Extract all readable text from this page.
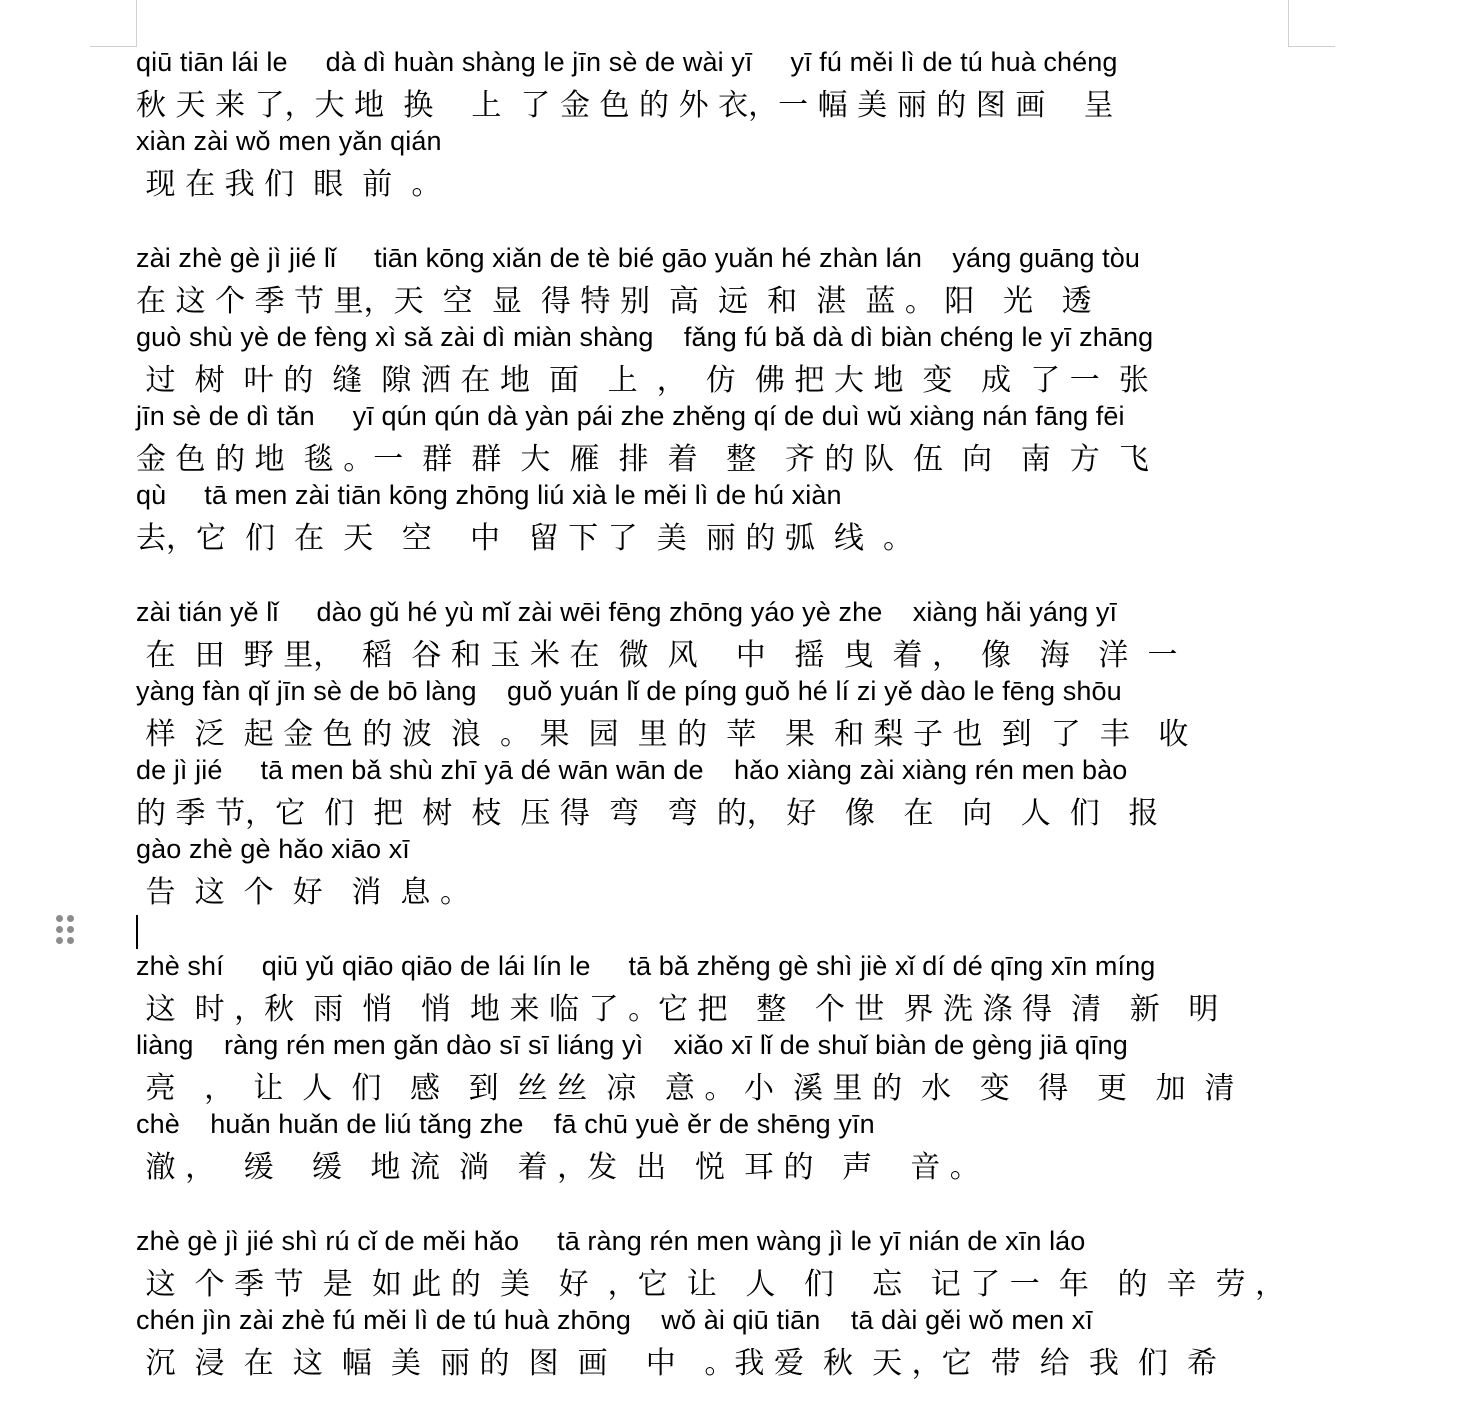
qiū tiān lái le     dà dì huàn shàng le jīn sè de wài yī     yī fú měi lì de tú huà chéng
秋 天 来 了，大 地  换    上  了 金 色 的 外 衣，一 幅 美 丽 的 图 画    呈
xiàn zài wǒ men yǎn qián
现 在 我 们  眼  前  。
zài zhè gè jì jié lǐ     tiān kōng xiǎn de tè bié gāo yuǎn hé zhàn lán    yáng guāng tòu
在 这 个 季 节 里，天  空  显  得 特 别  高  远  和  湛  蓝 。 阳   光   透
guò shù yè de fèng xì sǎ zài dì miàn shàng    fǎng fú bǎ dà dì biàn chéng le yī zhāng
过  树  叶 的  缝  隙 洒 在 地  面   上  ，  仿  佛 把 大 地  变   成  了 一  张
jīn sè de dì tǎn     yī qún qún dà yàn pái zhe zhěng qí de duì wǔ xiàng nán fāng fēi
金 色 的 地  毯 。一  群  群  大  雁  排  着   整   齐 的 队  伍  向   南  方  飞
qù     tā men zài tiān kōng zhōng liú xià le měi lì de hú xiàn
去，它  们  在  天   空    中   留 下 了  美  丽 的 弧  线  。
zài tián yě lǐ     dào gǔ hé yù mǐ zài wēi fēng zhōng yáo yè zhe    xiàng hǎi yáng yī
在  田  野 里，  稻  谷 和 玉 米 在  微  风    中   摇  曳  着 ，  像   海   洋  一
yàng fàn qǐ jīn sè de bō làng    guǒ yuán lǐ de píng guǒ hé lí zi yě dào le fēng shōu
样  泛  起 金 色 的 波  浪  。 果  园  里 的  苹   果  和 梨 子 也  到  了  丰   收
de jì jié     tā men bǎ shù zhī yā dé wān wān de    hǎo xiàng zài xiàng rén men bào
的 季 节，它  们  把  树  枝  压 得  弯   弯  的， 好   像   在   向   人  们   报
gào zhè gè hǎo xiāo xī
告  这  个  好   消  息 。
zhè shí     qiū yǔ qiāo qiāo de lái lín le     tā bǎ zhěng gè shì jiè xǐ dí dé qīng xīn míng
这  时 ，秋  雨  悄   悄  地 来 临 了 。它 把   整   个 世  界 洗 涤 得  清   新   明
liàng    ràng rén men gǎn dào sī sī liáng yì    xiǎo xī lǐ de shuǐ biàn de gèng jiā qīng
亮   ，  让  人  们   感   到  丝 丝  凉   意 。 小  溪 里 的  水   变   得   更   加  清
chè    huǎn huǎn de liú tǎng zhe    fā chū yuè ěr de shēng yīn
澈 ，   缓    缓   地 流  淌   着 ，发  出   悦  耳 的   声    音 。
zhè gè jì jié shì rú cǐ de měi hǎo     tā ràng rén men wàng jì le yī nián de xīn láo
这  个 季 节  是  如 此 的  美   好  ，它  让   人   们    忘   记 了 一  年   的  辛  劳 ，
chén jìn zài zhè fú měi lì de tú huà zhōng    wǒ ài qiū tiān    tā dài gěi wǒ men xī
沉  浸  在  这  幅  美  丽 的  图  画    中   。我 爱  秋  天 ，它  带  给  我  们  希
